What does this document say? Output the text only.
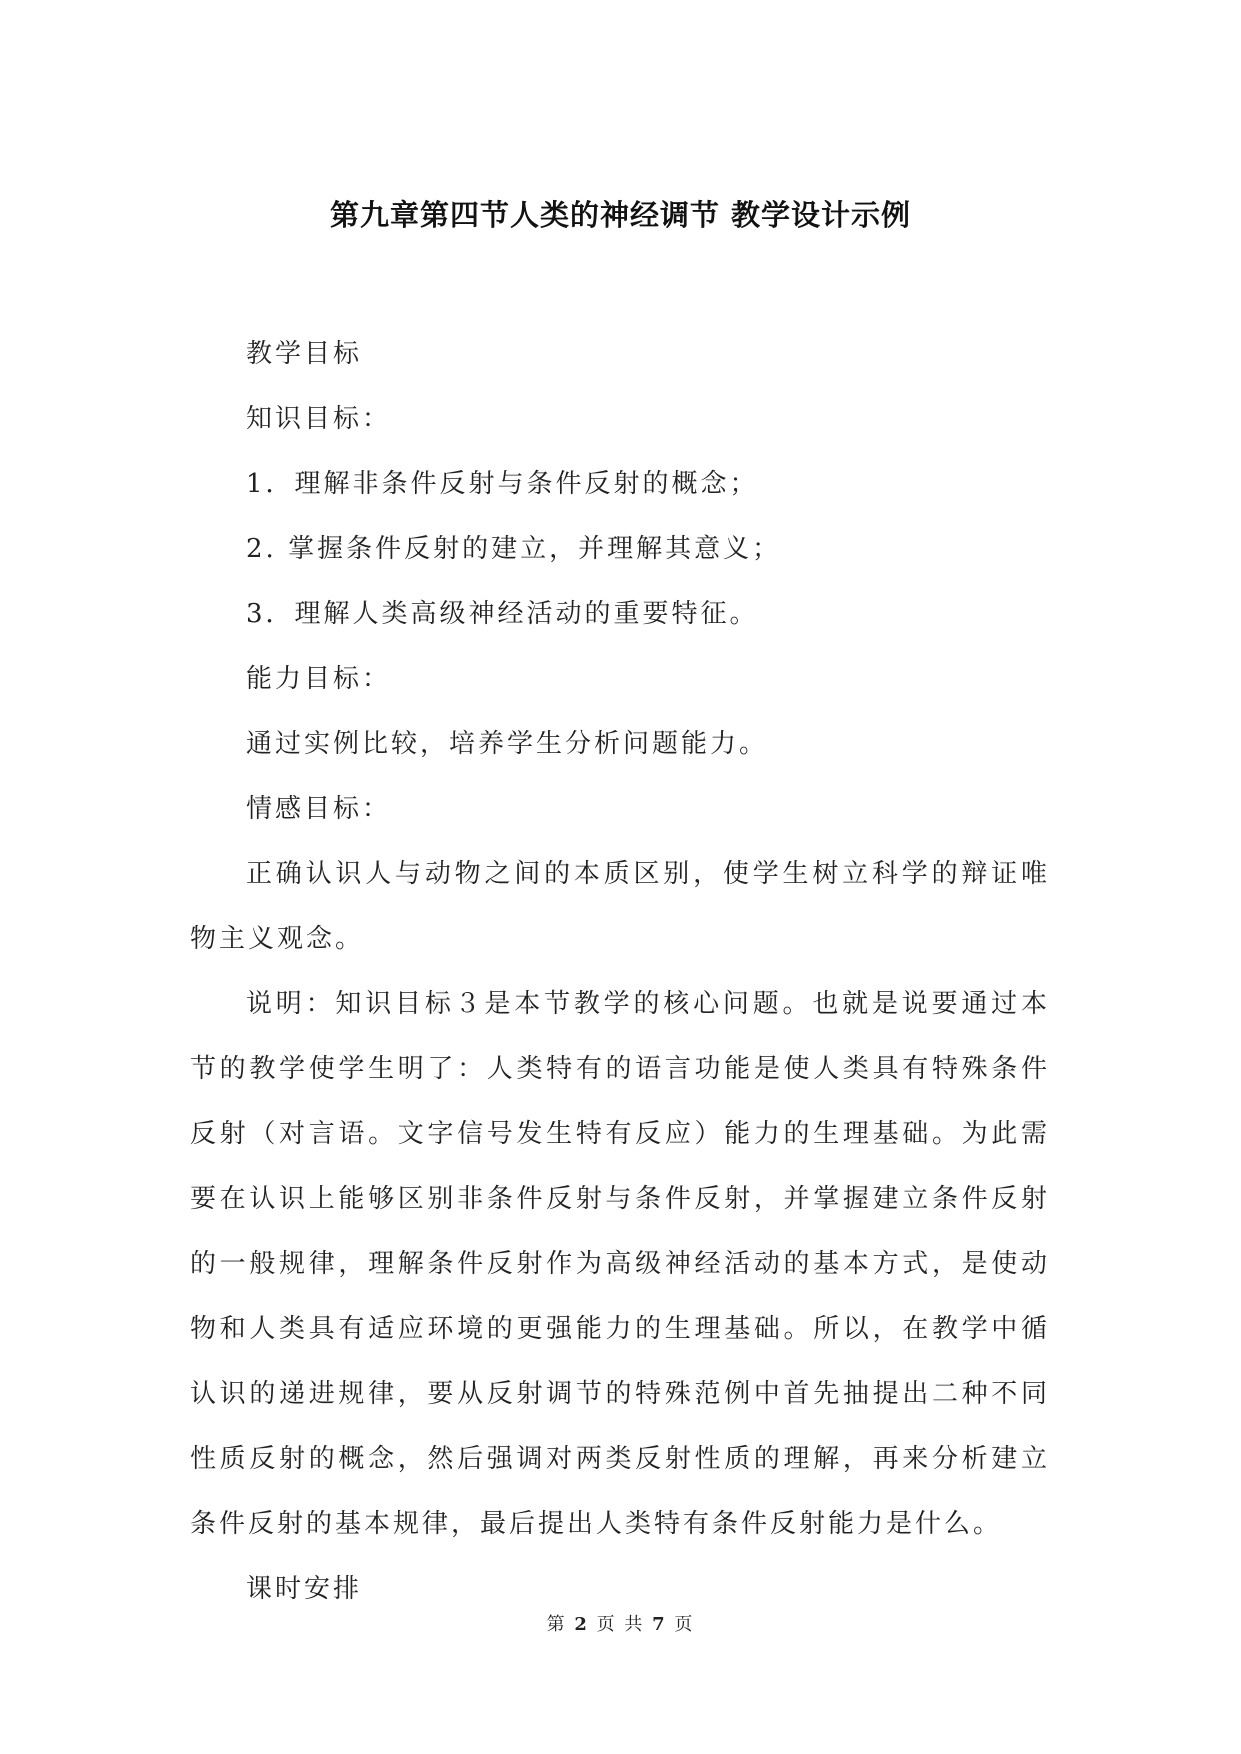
第九章第四节人类的神经调节 教学设计示例

教学目标

知识目标：

1．理解非条件反射与条件反射的概念；

2. 掌握条件反射的建立，并理解其意义；

3．理解人类高级神经活动的重要特征。

能力目标：

通过实例比较，培养学生分析问题能力。

情感目标：

正确认识人与动物之间的本质区别，使学生树立科学的辩证唯物主义观念。

说明：知识目标３是本节教学的核心问题。也就是说要通过本节的教学使学生明了：人类特有的语言功能是使人类具有特殊条件反射（对言语。文字信号发生特有反应）能力的生理基础。为此需要在认识上能够区别非条件反射与条件反射，并掌握建立条件反射的一般规律，理解条件反射作为高级神经活动的基本方式，是使动物和人类具有适应环境的更强能力的生理基础。所以，在教学中循认识的递进规律，要从反射调节的特殊范例中首先抽提出二种不同性质反射的概念，然后强调对两类反射性质的理解，再来分析建立条件反射的基本规律，最后提出人类特有条件反射能力是什么。

课时安排

第 2 页 共 7 页
